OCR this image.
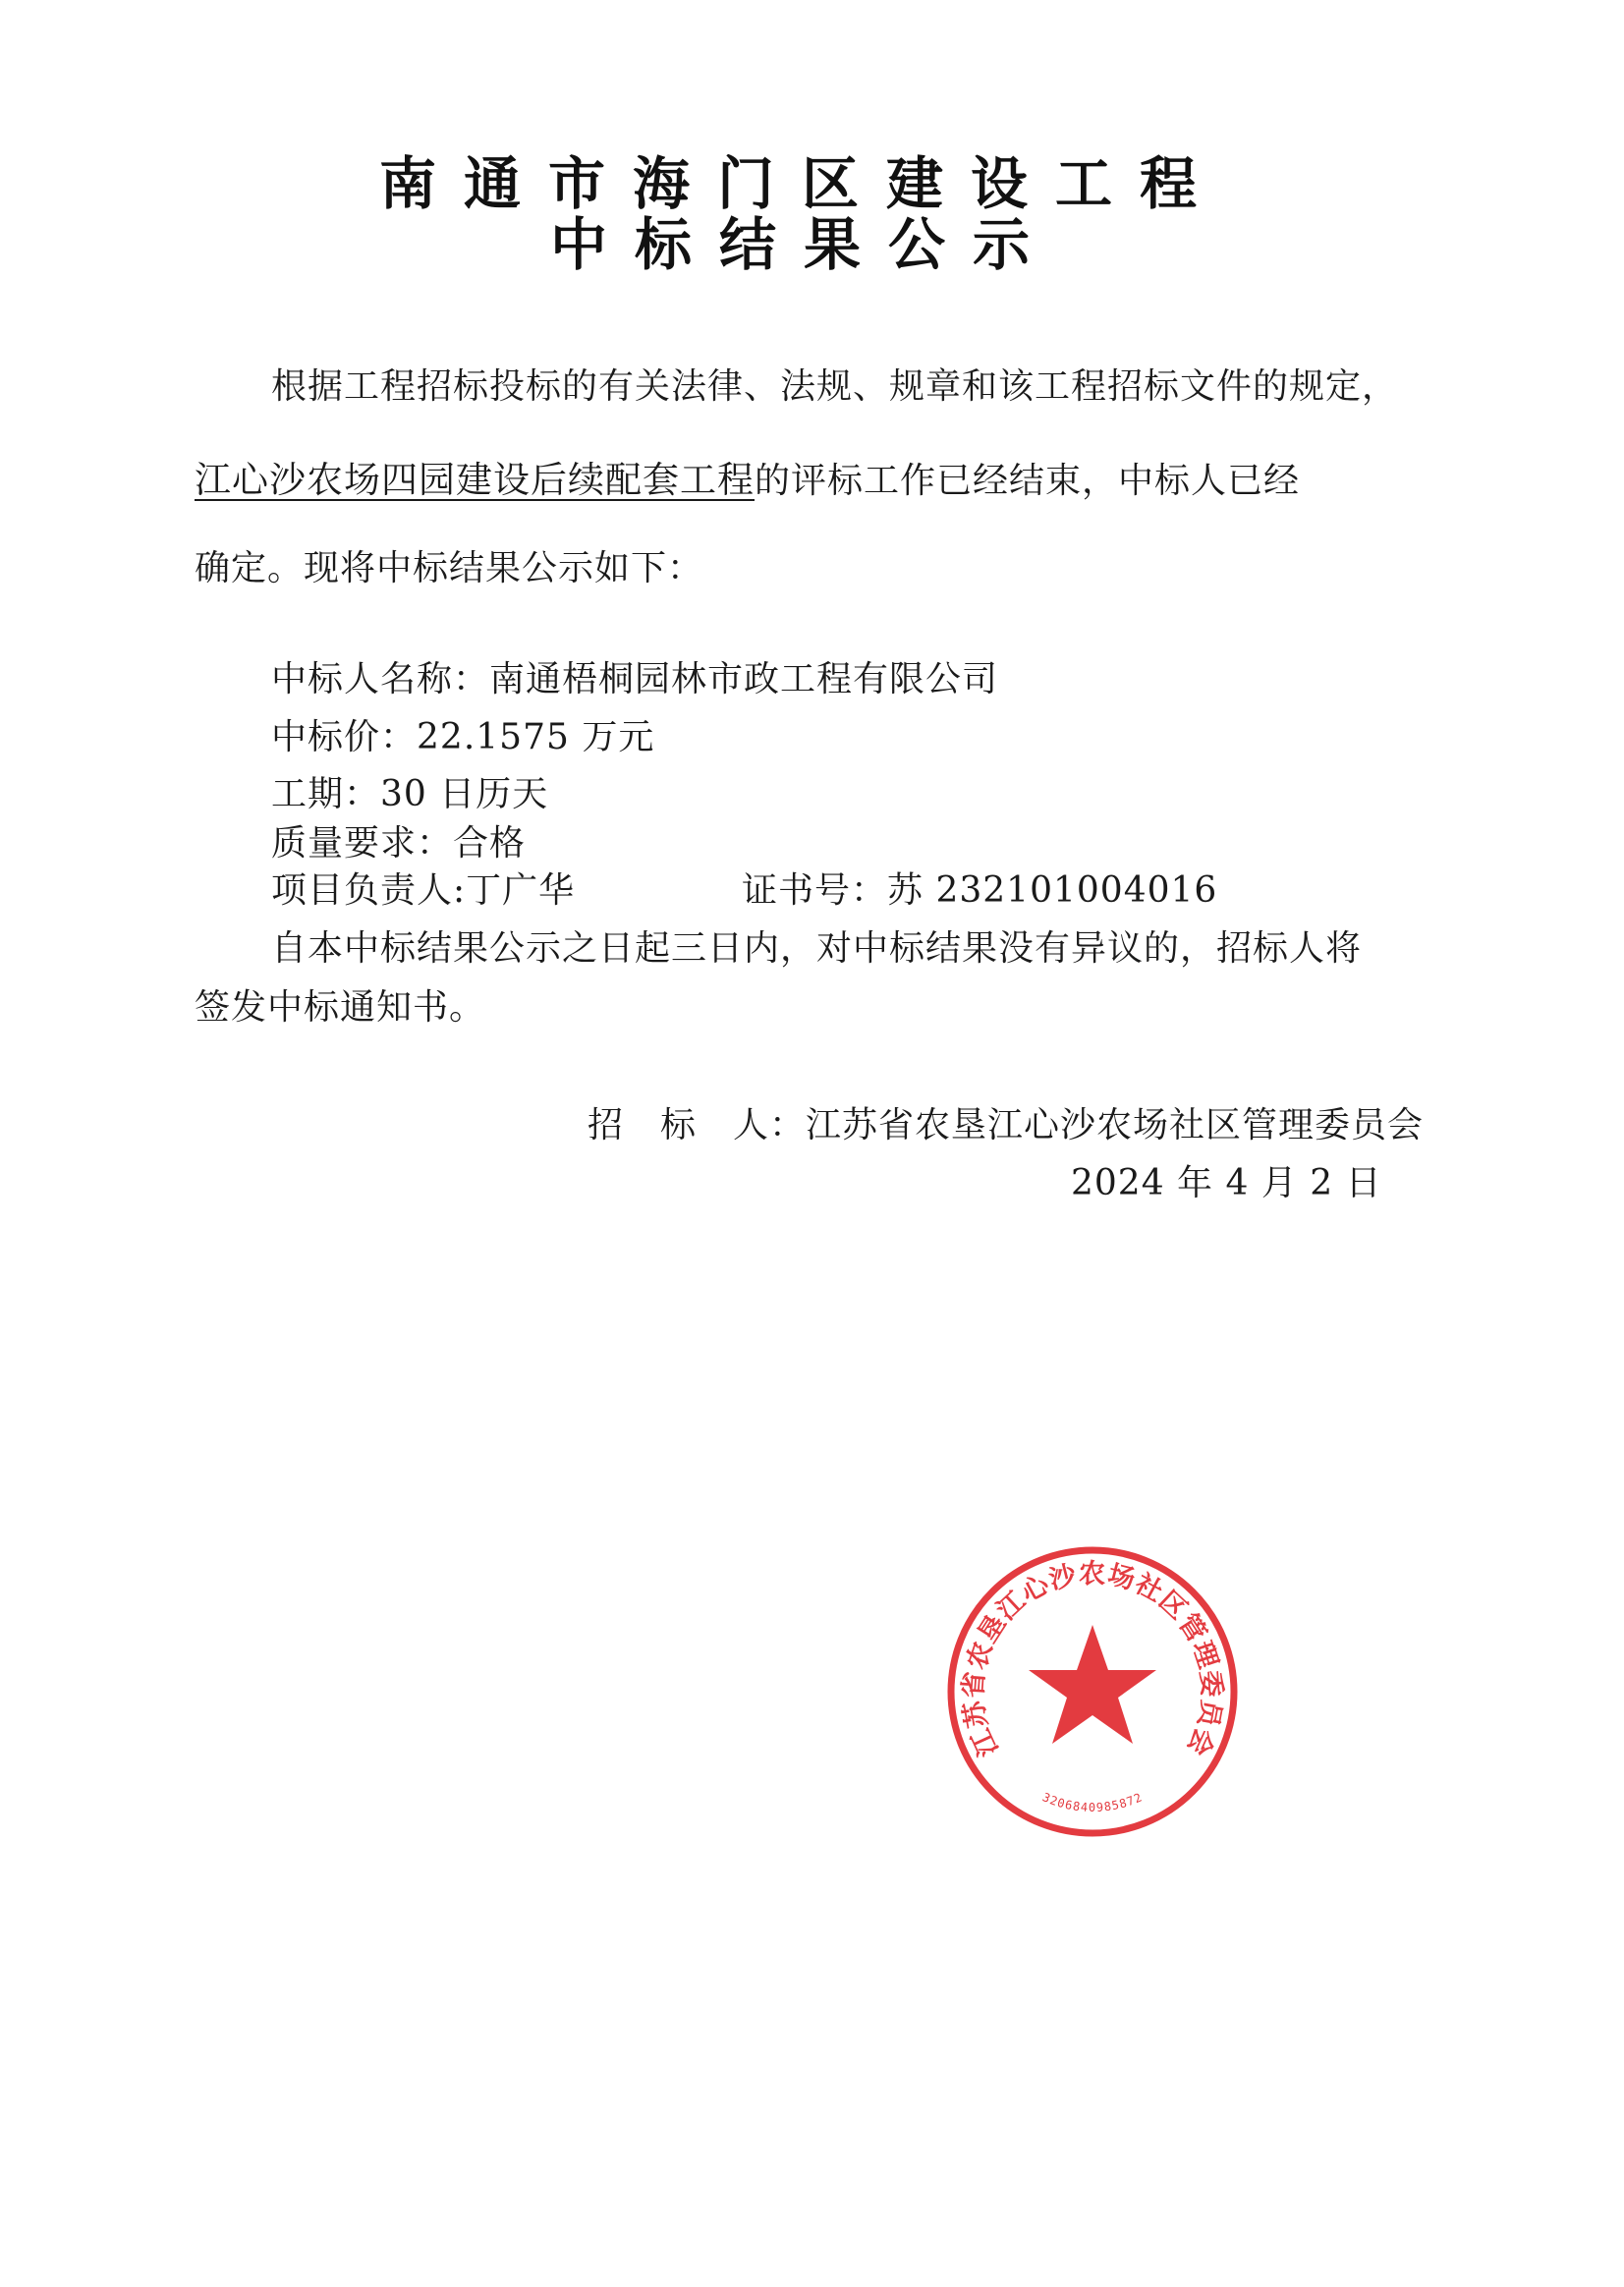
南通市海门区建设工程
中标结果公示
根据工程招标投标的有关法律、法规、规章和该工程招标文件的规定，
江心沙农场四园建设后续配套工程的评标工作已经结束，中标人已经
确定。现将中标结果公示如下：
中标人名称：南通梧桐园林市政工程有限公司
中标价：22.1575 万元
工期：30 日历天
质量要求：合格
项目负责人:丁广华	证书号：苏 232101004016
自本中标结果公示之日起三日内，对中标结果没有异议的，招标人将
签发中标通知书。
江苏省农垦江心沙农场社区管理委员会
3206840985872
招　标　人：江苏省农垦江心沙农场社区管理委员会
2024 年 4 月 2 日
